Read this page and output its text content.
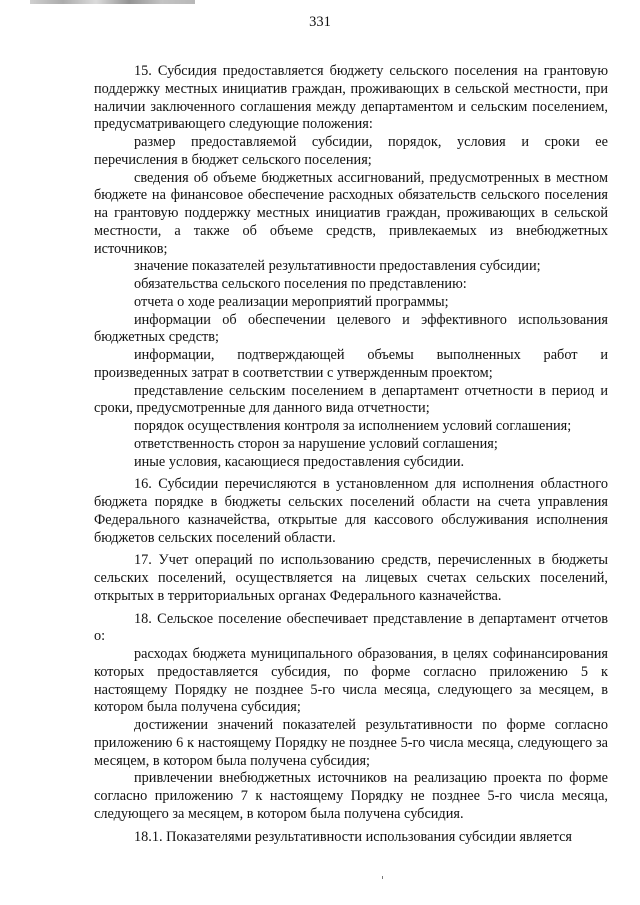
331

15. Субсидия предоставляется бюджету сельского поселения на грантовую поддержку местных инициатив граждан, проживающих в сельской местности, при наличии заключенного соглашения между департаментом и сельским поселением, предусматривающего следующие положения:

размер предоставляемой субсидии, порядок, условия и сроки ее перечисления в бюджет сельского поселения;

сведения об объеме бюджетных ассигнований, предусмотренных в местном бюджете на финансовое обеспечение расходных обязательств сельского поселения на грантовую поддержку местных инициатив граждан, проживающих в сельской местности, а также об объеме средств, привлекаемых из внебюджетных источников;

значение показателей результативности предоставления субсидии;

обязательства сельского поселения по представлению:

отчета о ходе реализации мероприятий программы;

информации об обеспечении целевого и эффективного использования бюджетных средств;

информации, подтверждающей объемы выполненных работ и произведенных затрат в соответствии с утвержденным проектом;

представление сельским поселением в департамент отчетности в период и сроки, предусмотренные для данного вида отчетности;

порядок осуществления контроля за исполнением условий соглашения;

ответственность сторон за нарушение условий соглашения;

иные условия, касающиеся предоставления субсидии.

16. Субсидии перечисляются в установленном для исполнения областного бюджета порядке в бюджеты сельских поселений области на счета управления Федерального казначейства, открытые для кассового обслуживания исполнения бюджетов сельских поселений области.

17. Учет операций по использованию средств, перечисленных в бюджеты сельских поселений, осуществляется на лицевых счетах сельских поселений, открытых в территориальных органах Федерального казначейства.

18. Сельское поселение обеспечивает представление в департамент отчетов о:

расходах бюджета муниципального образования, в целях софинансирования которых предоставляется субсидия, по форме согласно приложению 5 к настоящему Порядку не позднее 5-го числа месяца, следующего за месяцем, в котором была получена субсидия;

достижении значений показателей результативности по форме согласно приложению 6 к настоящему Порядку не позднее 5-го числа месяца, следующего за месяцем, в котором была получена субсидия;

привлечении внебюджетных источников на реализацию проекта по форме согласно приложению 7 к настоящему Порядку не позднее 5-го числа месяца, следующего за месяцем, в котором была получена субсидия.

18.1. Показателями результативности использования субсидии является
